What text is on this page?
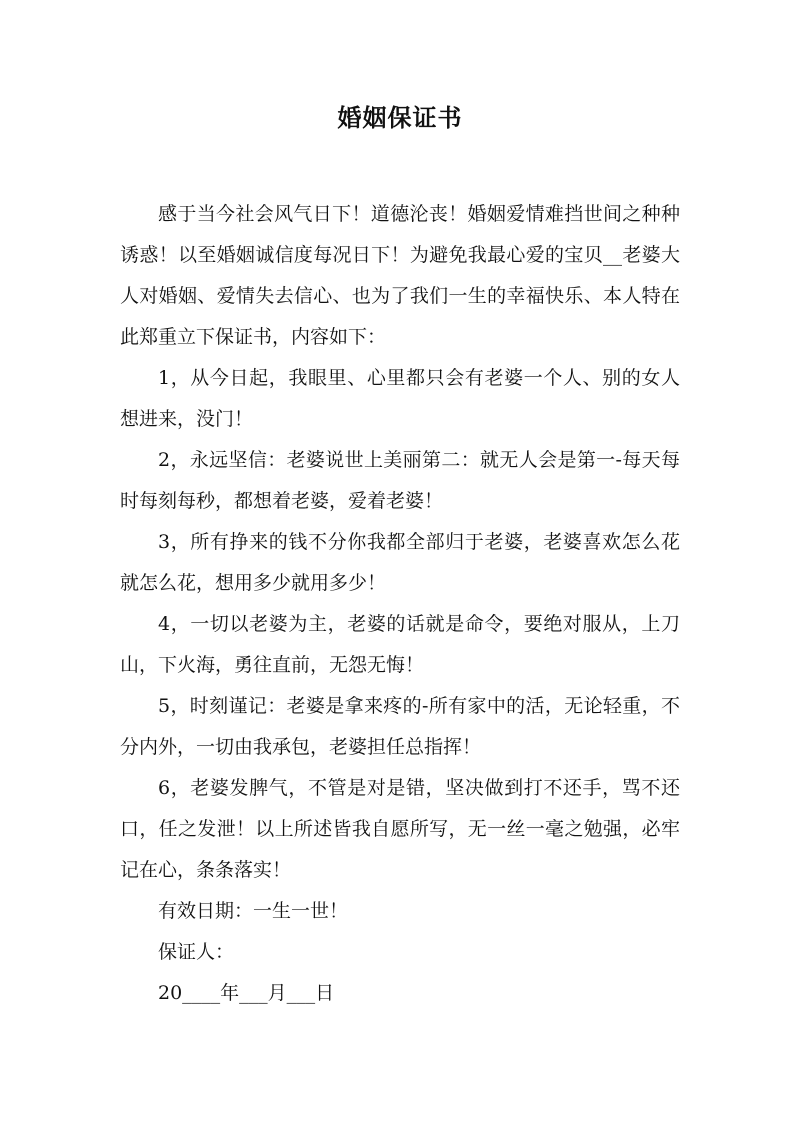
婚姻保证书

感于当今社会风气日下！道德沦丧！婚姻爱情难挡世间之种种诱惑！以至婚姻诚信度每况日下！为避免我最心爱的宝贝__老婆大人对婚姻、爱情失去信心、也为了我们一生的幸福快乐、本人特在此郑重立下保证书，内容如下：

1，从今日起，我眼里、心里都只会有老婆一个人、别的女人想进来，没门！

2，永远坚信：老婆说世上美丽第二：就无人会是第一-每天每时每刻每秒，都想着老婆，爱着老婆！

3，所有挣来的钱不分你我都全部归于老婆，老婆喜欢怎么花就怎么花，想用多少就用多少！

4，一切以老婆为主，老婆的话就是命令，要绝对服从，上刀山，下火海，勇往直前，无怨无悔！

5，时刻谨记：老婆是拿来疼的-所有家中的活，无论轻重，不分内外，一切由我承包，老婆担任总指挥！

6，老婆发脾气，不管是对是错，坚决做到打不还手，骂不还口，任之发泄！以上所述皆我自愿所写，无一丝一毫之勉强，必牢记在心，条条落实！

有效日期：一生一世！

保证人：

20____年___月___日
